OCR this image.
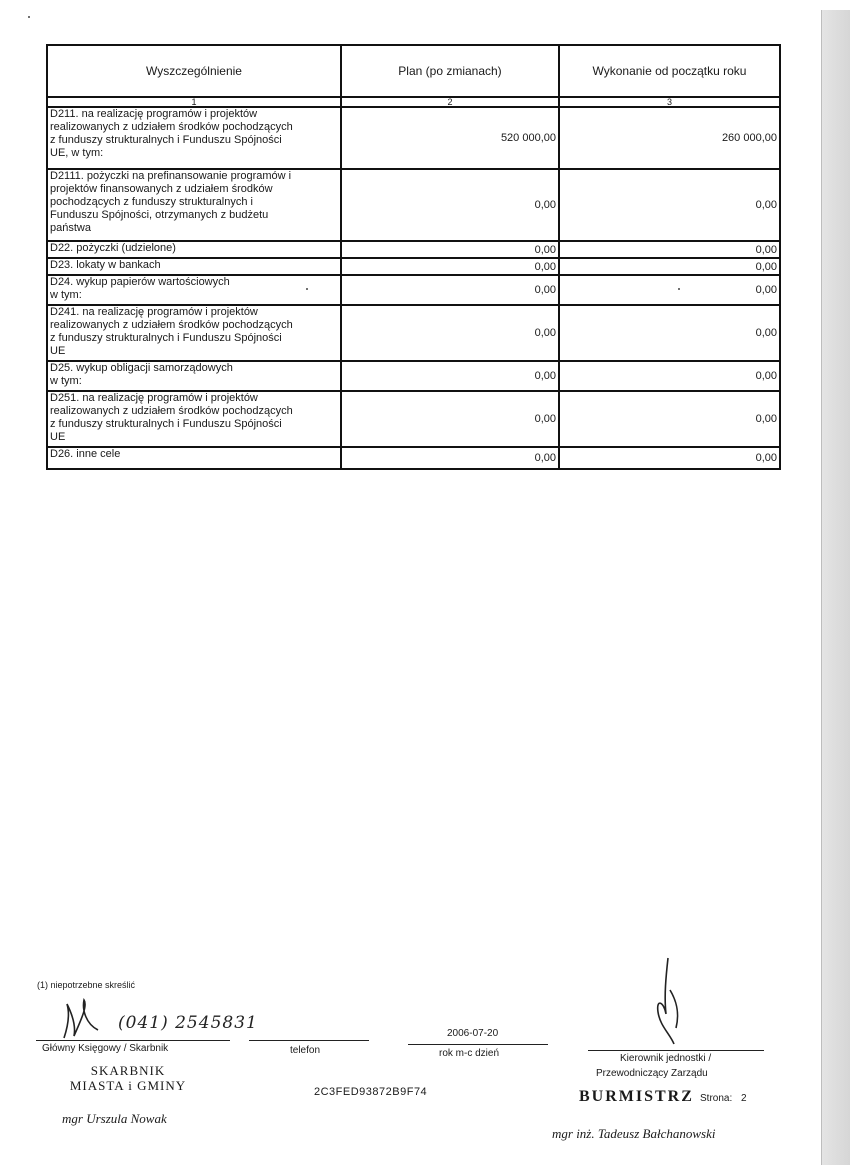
Wyszczególnienie	Plan (po zmianach)	Wykonanie od początku roku
1	2	3

D211. na realizację programów i projektów
realizowanych z udziałem środków pochodzących
z funduszy strukturalnych i Funduszu Spójności
UE, w tym:	520 000,00	260 000,00

D2111. pożyczki na prefinansowanie programów i
projektów finansowanych z udziałem środków
pochodzących z funduszy strukturalnych i
Funduszu Spójności, otrzymanych z budżetu
państwa	0,00	0,00

D22. pożyczki (udzielone)	0,00	0,00

D23. lokaty w bankach	0,00	0,00

D24. wykup papierów wartościowych
w tym:	0,00	0,00

D241. na realizację programów i projektów
realizowanych z udziałem środków pochodzących
z funduszy strukturalnych i Funduszu Spójności
UE	0,00	0,00

D25. wykup obligacji samorządowych
w tym:	0,00	0,00

D251. na realizację programów i projektów
realizowanych z udziałem środków pochodzących
z funduszy strukturalnych i Funduszu Spójności
UE	0,00	0,00

D26. inne cele	0,00	0,00
(1) niepotrzebne skreślić
(041) 2545831
Główny Księgowy / Skarbnik
SKARBNIK
MIASTA i GMINY
mgr Urszula Nowak
telefon
2006-07-20
rok m-c dzień
2C3FED93872B9F74
Kierownik jednostki /
Przewodniczący Zarządu
BURMISTRZ Strona: 2
mgr inż. Tadeusz Bałchanowski
